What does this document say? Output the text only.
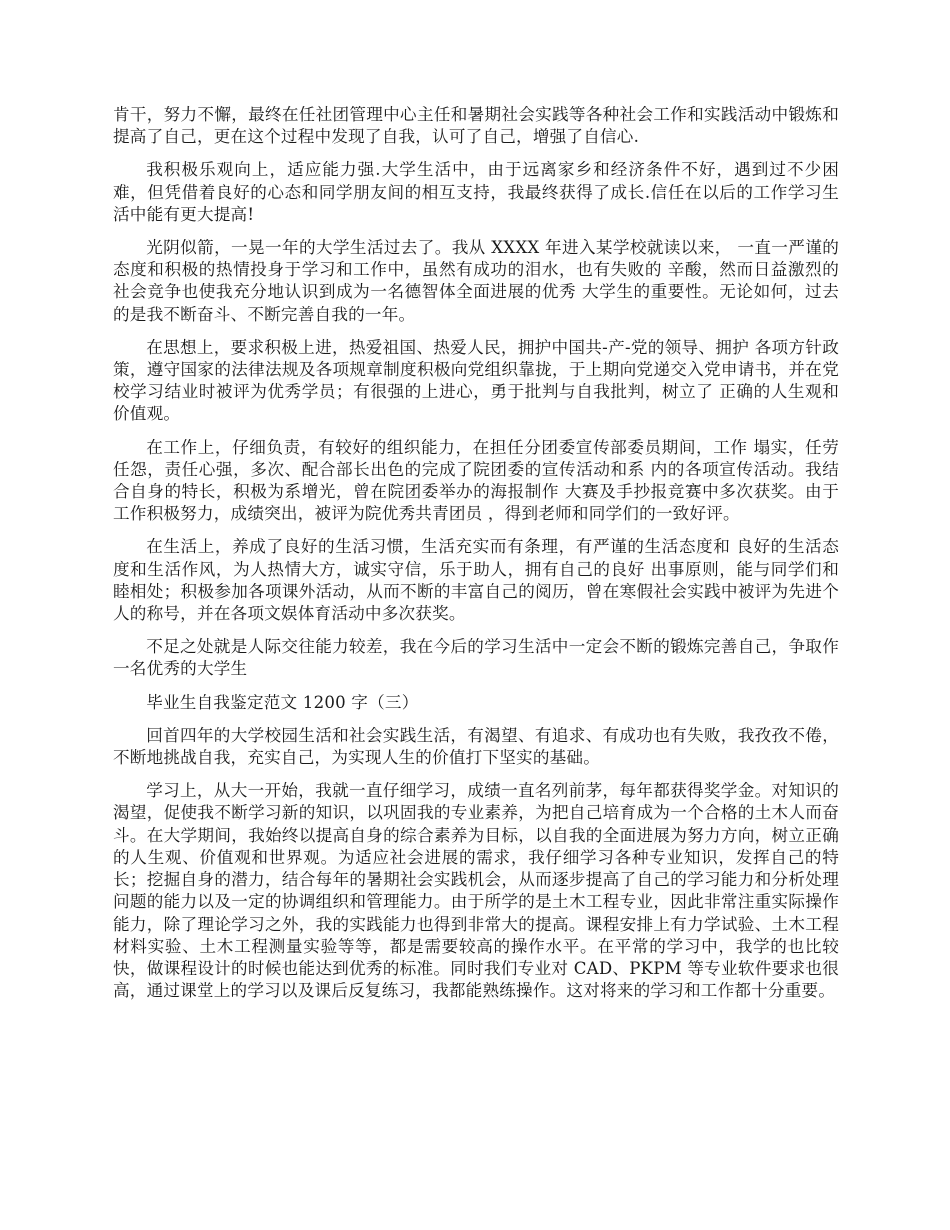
肯干，努力不懈，最终在任社团管理中心主任和暑期社会实践等各种社会工作和实践活动中锻炼和提高了自己，更在这个过程中发现了自我，认可了自己，增强了自信心.

我积极乐观向上，适应能力强.大学生活中，由于远离家乡和经济条件不好，遇到过不少困难，但凭借着良好的心态和同学朋友间的相互支持，我最终获得了成长.信任在以后的工作学习生活中能有更大提高!

光阴似箭，一晃一年的大学生活过去了。我从 XXXX 年进入某学校就读以来， 一直一严谨的态度和积极的热情投身于学习和工作中，虽然有成功的泪水，也有失败的 辛酸，然而日益激烈的社会竞争也使我充分地认识到成为一名德智体全面进展的优秀 大学生的重要性。无论如何，过去的是我不断奋斗、不断完善自我的一年。

在思想上，要求积极上进，热爱祖国、热爱人民，拥护中国共-产-党的领导、拥护 各项方针政策，遵守国家的法律法规及各项规章制度积极向党组织靠拢，于上期向党递交入党申请书，并在党校学习结业时被评为优秀学员；有很强的上进心，勇于批判与自我批判，树立了 正确的人生观和价值观。

在工作上，仔细负责，有较好的组织能力，在担任分团委宣传部委员期间，工作 塌实，任劳任怨，责任心强，多次、配合部长出色的完成了院团委的宣传活动和系 内的各项宣传活动。我结合自身的特长，积极为系增光，曾在院团委举办的海报制作 大赛及手抄报竞赛中多次获奖。由于工作积极努力，成绩突出，被评为院优秀共青团员 ，得到老师和同学们的一致好评。

在生活上，养成了良好的生活习惯，生活充实而有条理，有严谨的生活态度和 良好的生活态度和生活作风，为人热情大方，诚实守信，乐于助人，拥有自己的良好 出事原则，能与同学们和睦相处；积极参加各项课外活动，从而不断的丰富自己的阅历，曾在寒假社会实践中被评为先进个人的称号，并在各项文娱体育活动中多次获奖。

不足之处就是人际交往能力较差，我在今后的学习生活中一定会不断的锻炼完善自己，争取作一名优秀的大学生

毕业生自我鉴定范文 1200 字（三）

回首四年的大学校园生活和社会实践生活，有渴望、有追求、有成功也有失败，我孜孜不倦，不断地挑战自我，充实自己，为实现人生的价值打下坚实的基础。

学习上，从大一开始，我就一直仔细学习，成绩一直名列前茅，每年都获得奖学金。对知识的渴望，促使我不断学习新的知识，以巩固我的专业素养，为把自己培育成为一个合格的土木人而奋斗。在大学期间，我始终以提高自身的综合素养为目标，以自我的全面进展为努力方向，树立正确的人生观、价值观和世界观。为适应社会进展的需求，我仔细学习各种专业知识，发挥自己的特长；挖掘自身的潜力，结合每年的暑期社会实践机会，从而逐步提高了自己的学习能力和分析处理问题的能力以及一定的协调组织和管理能力。由于所学的是土木工程专业，因此非常注重实际操作能力，除了理论学习之外，我的实践能力也得到非常大的提高。课程安排上有力学试验、土木工程材料实验、土木工程测量实验等等，都是需要较高的操作水平。在平常的学习中，我学的也比较快，做课程设计的时候也能达到优秀的标准。同时我们专业对 CAD、PKPM 等专业软件要求也很高，通过课堂上的学习以及课后反复练习，我都能熟练操作。这对将来的学习和工作都十分重要。
